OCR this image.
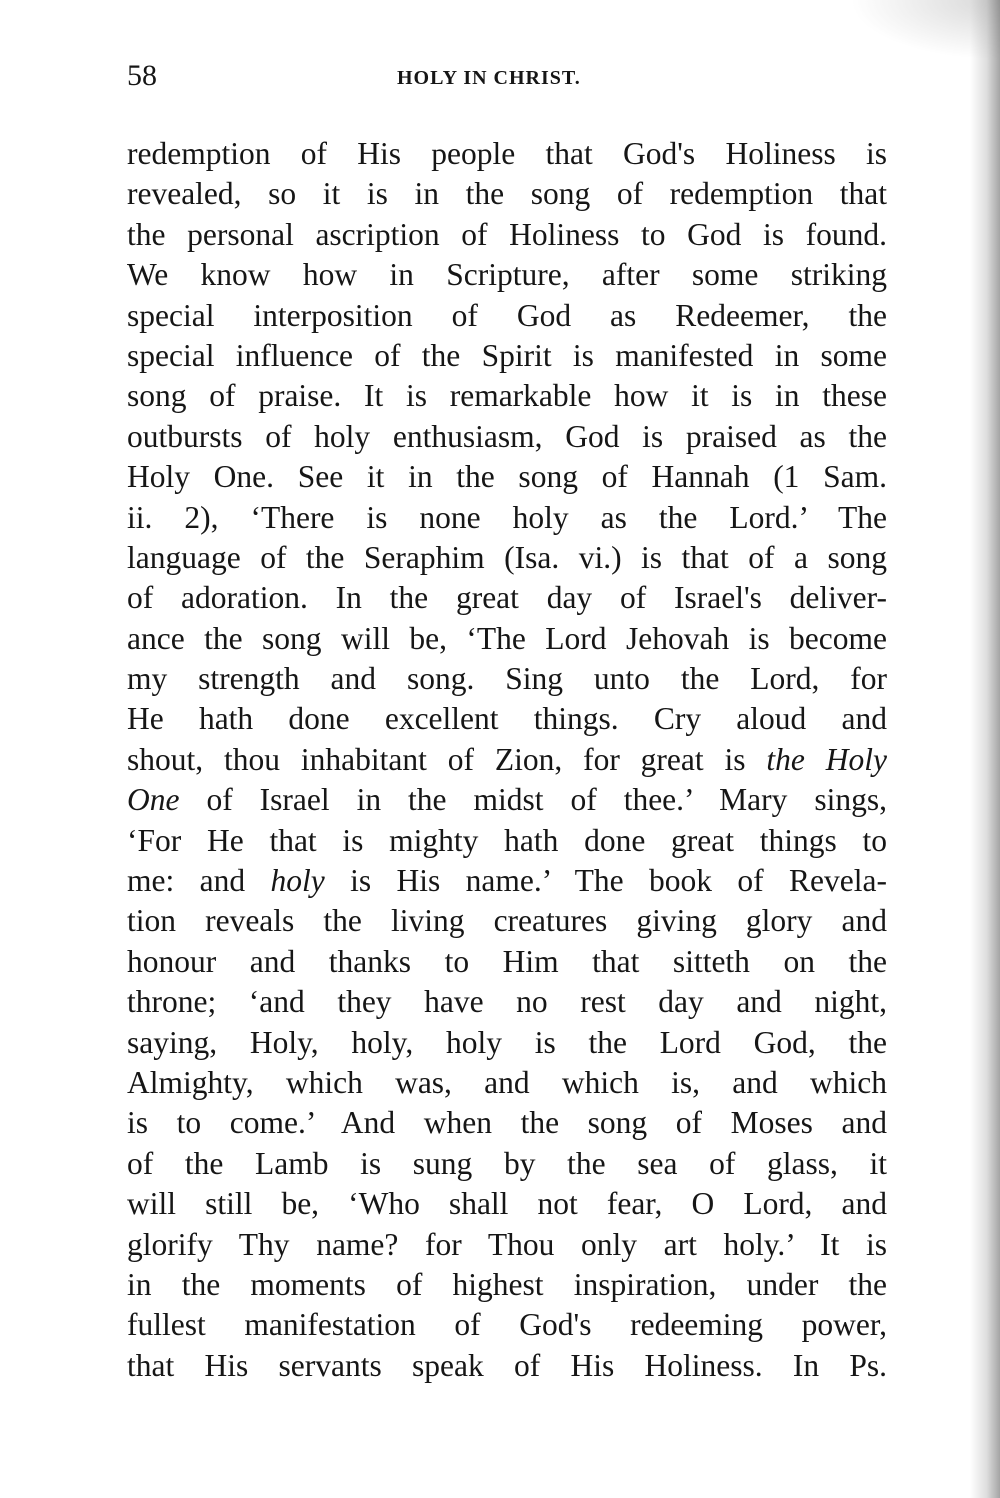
58	HOLY IN CHRIST.
redemption of His people that God's Holiness is
revealed, so it is in the song of redemption that
the personal ascription of Holiness to God is found.
We know how in Scripture, after some striking
special interposition of God as Redeemer, the
special influence of the Spirit is manifested in some
song of praise. It is remarkable how it is in these
outbursts of holy enthusiasm, God is praised as the
Holy One. See it in the song of Hannah (1 Sam.
ii. 2), ‘There is none holy as the Lord.’ The
language of the Seraphim (Isa. vi.) is that of a song
of adoration. In the great day of Israel's deliver-
ance the song will be, ‘The Lord Jehovah is become
my strength and song. Sing unto the Lord, for
He hath done excellent things. Cry aloud and
shout, thou inhabitant of Zion, for great is the Holy
One of Israel in the midst of thee.’ Mary sings,
‘For He that is mighty hath done great things to
me: and holy is His name.’ The book of Revela-
tion reveals the living creatures giving glory and
honour and thanks to Him that sitteth on the
throne; ‘and they have no rest day and night,
saying, Holy, holy, holy is the Lord God, the
Almighty, which was, and which is, and which
is to come.’ And when the song of Moses and
of the Lamb is sung by the sea of glass, it
will still be, ‘Who shall not fear, O Lord, and
glorify Thy name? for Thou only art holy.’ It is
in the moments of highest inspiration, under the
fullest manifestation of God's redeeming power,
that His servants speak of His Holiness. In Ps.
